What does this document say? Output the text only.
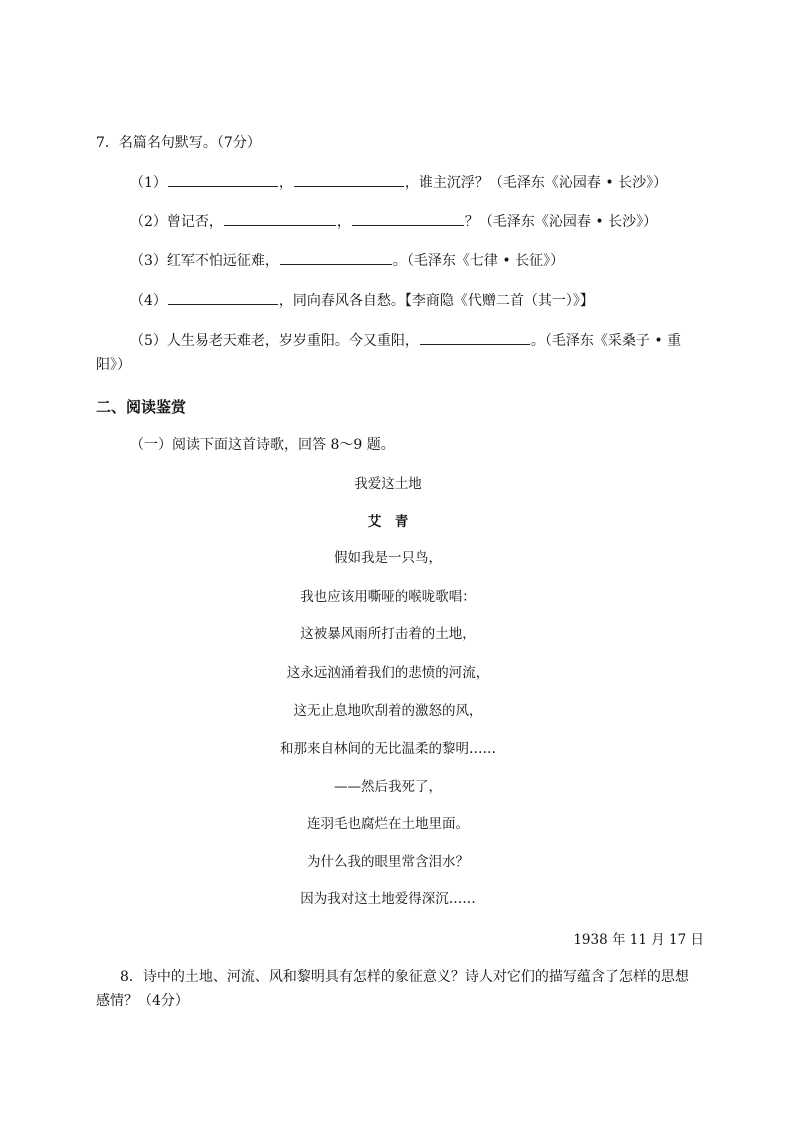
7．名篇名句默写。（7分）
（1）	，	，谁主沉浮？（毛泽东《沁园春 • 长沙》）
（2）曾记否，	，	？（毛泽东《沁园春 • 长沙》）
（3）红军不怕远征难，	。（毛泽东《七律 • 长征》）
（4）	，同向春风各自愁。【李商隐《代赠二首（其一）》】
（5）人生易老天难老，岁岁重阳。今又重阳，	。（毛泽东《采桑子 • 重
阳》）
二、阅读鉴赏
（一）阅读下面这首诗歌，回答 8～9 题。
我爱这土地
艾　青
假如我是一只鸟，
我也应该用嘶哑的喉咙歌唱：
这被暴风雨所打击着的土地，
这永远汹涌着我们的悲愤的河流，
这无止息地吹刮着的激怒的风，
和那来自林间的无比温柔的黎明……
——然后我死了，
连羽毛也腐烂在土地里面。
为什么我的眼里常含泪水？
因为我对这土地爱得深沉……
1938 年 11 月 17 日
8．诗中的土地、河流、风和黎明具有怎样的象征意义？诗人对它们的描写蕴含了怎样的思想
感情？（4分）
